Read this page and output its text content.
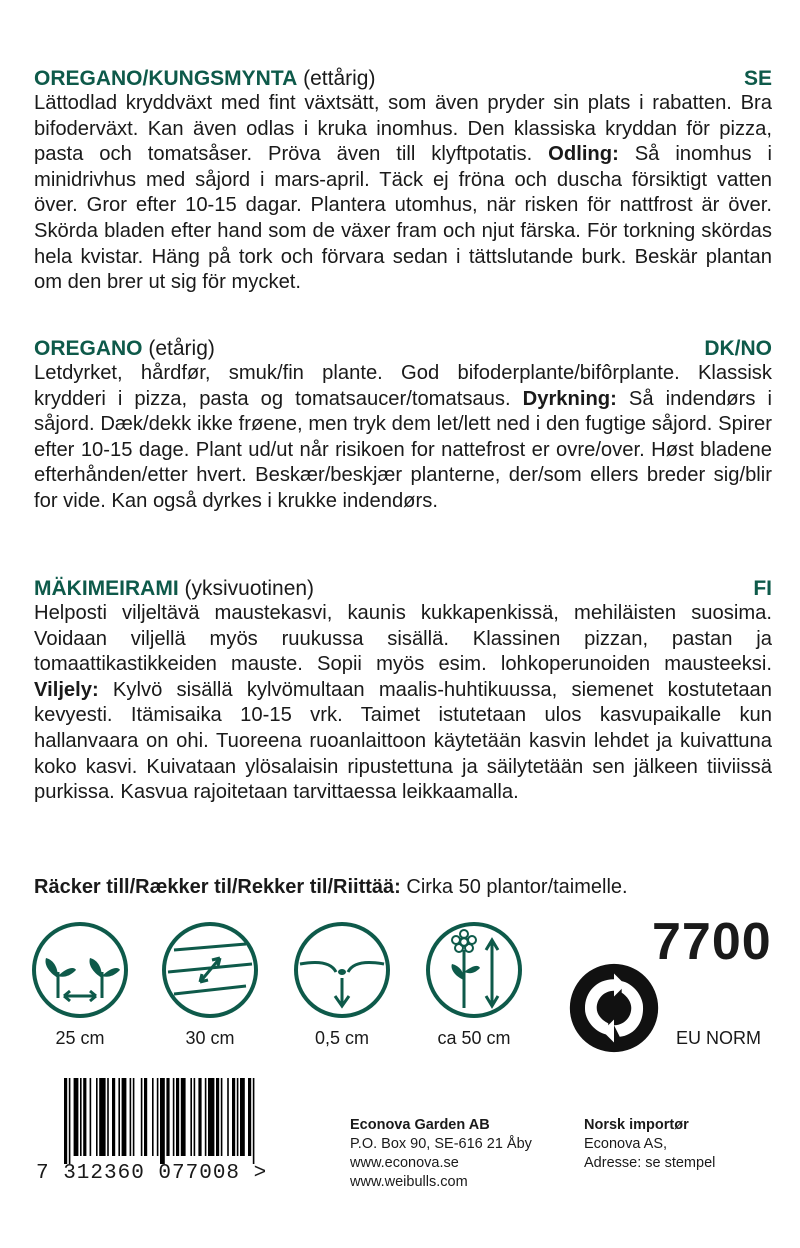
OREGANO/KUNGSMYNTA (ettårig)	SE
Lättodlad kryddväxt med fint växtsätt, som även pryder sin plats i rabatten. Bra bifoderväxt. Kan även odlas i kruka inomhus. Den klassiska kryddan för pizza, pasta och tomatsåser. Pröva även till klyftpotatis. Odling: Så inomhus i minidrivhus med såjord i mars-april. Täck ej fröna och duscha försiktigt vatten över. Gror efter 10-15 dagar. Plantera utomhus, när risken för nattfrost är över. Skörda bladen efter hand som de växer fram och njut färska. För torkning skördas hela kvistar. Häng på tork och förvara sedan i tättslutande burk. Beskär plantan om den brer ut sig för mycket.
OREGANO (etårig)	DK/NO
Letdyrket, hårdfør, smuk/fin plante. God bifoderplante/bifôrplante. Klassisk krydderi i pizza, pasta og tomatsaucer/tomatsaus. Dyrkning: Så indendørs i såjord. Dæk/dekk ikke frøene, men tryk dem let/lett ned i den fugtige såjord. Spirer efter 10-15 dage. Plant ud/ut når risikoen for nattefrost er ovre/over. Høst bladene efterhånden/etter hvert. Beskær/beskjær planterne, der/som ellers breder sig/blir for vide. Kan også dyrkes i krukke indendørs.
MÄKIMEIRAMI (yksivuotinen)	FI
Helposti viljeltävä maustekasvi, kaunis kukkapenkissä, mehiläisten suosima. Voidaan viljellä myös ruukussa sisällä. Klassinen pizzan, pastan ja tomaattikastikkeiden mauste. Sopii myös esim. lohkoperunoiden mausteeksi. Viljely: Kylvö sisällä kylvömultaan maalis-huhtikuussa, siemenet kostutetaan kevyesti. Itämisaika 10-15 vrk. Taimet istutetaan ulos kasvupaikalle kun hallanvaara on ohi. Tuoreena ruoanlaittoon käytetään kasvin lehdet ja kuivattuna koko kasvi. Kuivataan ylösalaisin ripustettuna ja säilytetään sen jälkeen tiiviissä purkissa. Kasvua rajoitetaan tarvittaessa leikkaamalla.
Räcker till/Rækker til/Rekker til/Riittää: Cirka 50 plantor/taimelle.
25 cm	30 cm	0,5 cm	ca 50 cm
7700
EU NORM
7 312360 077008 >
Econova Garden AB
P.O. Box 90, SE-616 21 Åby
www.econova.se
www.weibulls.com
Norsk importør
Econova AS,
Adresse: se stempel
